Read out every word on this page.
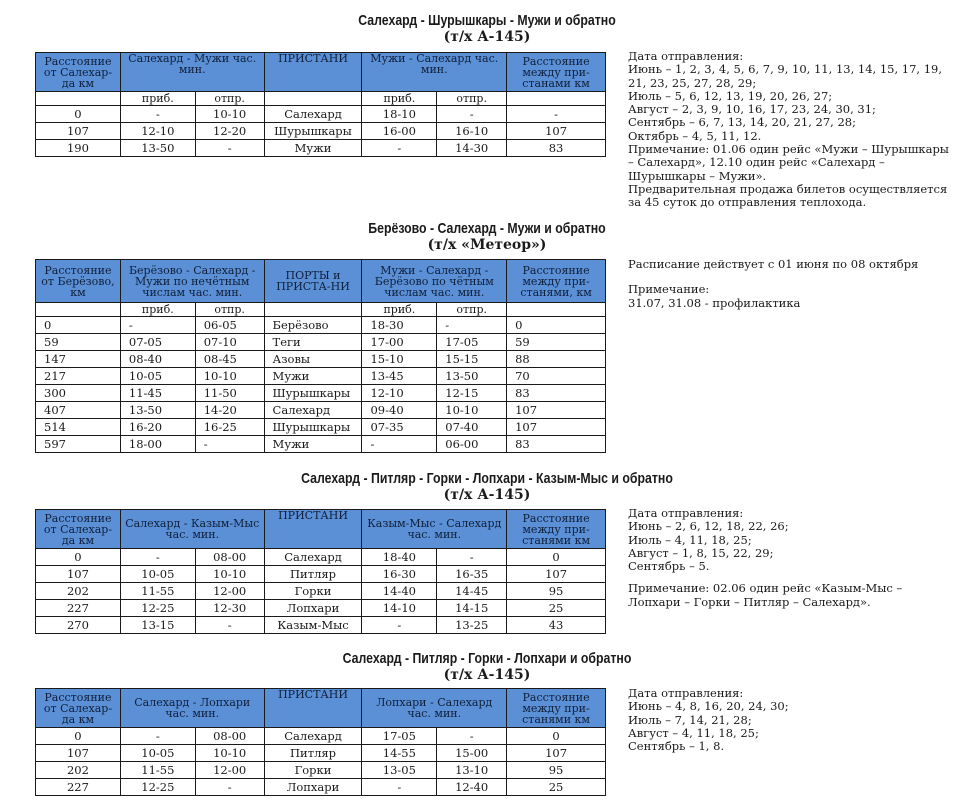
Салехард - Шурышкары - Мужи и обратно
(т/х А-145)
Расстояние от Салехар-да км	Салехард - Мужи час. мин.		ПРИСТАНИ	Мужи - Салехард час. мин.		Расстояние между при-станами км
	приб.	отпр.		приб.	отпр.	
0	-	10-10	Салехард	18-10	-	-
107	12-10	12-20	Шурышкары	16-00	16-10	107
190	13-50	-	Мужи	-	14-30	83

Дата отправления:

Июнь – 1, 2, 3, 4, 5, 6, 7, 9, 10, 11, 13, 14, 15, 17, 19, 21, 23, 25, 27, 28, 29;

Июль – 5, 6, 12, 13, 19, 20, 26, 27;

Август – 2, 3, 9, 10, 16, 17, 23, 24, 30, 31;

Сентябрь – 6, 7, 13, 14, 20, 21, 27, 28;

Октябрь – 4, 5, 11, 12.

Примечание: 01.06 один рейс «Мужи – Шурышкары – Салехард», 12.10 один рейс «Салехард – Шурышкары – Мужи».

Предварительная продажа билетов осуществляется за 45 суток до отправления теплохода.

Берёзово - Салехард - Мужи и обратно
(т/х «Метеор»)
Расстояние от Берёзово, км	Берёзово - Салехард - Мужи по нечётным числам час. мин.		ПОРТЫ и ПРИСТА-НИ	Мужи - Салехард - Берёзово по чётным числам час. мин.		Расстояние между при-станями, км
	приб.	отпр.		приб.	отпр.	
0	-	06-05	Берёзово	18-30	-	0
59	07-05	07-10	Теги	17-00	17-05	59
147	08-40	08-45	Азовы	15-10	15-15	88
217	10-05	10-10	Мужи	13-45	13-50	70
300	11-45	11-50	Шурышкары	12-10	12-15	83
407	13-50	14-20	Салехард	09-40	10-10	107
514	16-20	16-25	Шурышкары	07-35	07-40	107
597	18-00	-	Мужи	-	06-00	83

Расписание действует с 01 июня по 08 октября

Примечание:

31.07, 31.08 - профилактика

Салехард - Питляр - Горки - Лопхари - Казым-Мыс и обратно
(т/х А-145)
Расстояние от Салехар-да км	Салехард - Казым-Мыс час. мин.		ПРИСТАНИ	Казым-Мыс - Салехард час. мин.		Расстояние между при-станями км
0	-	08-00	Салехард	18-40	-	0
107	10-05	10-10	Питляр	16-30	16-35	107
202	11-55	12-00	Горки	14-40	14-45	95
227	12-25	12-30	Лопхари	14-10	14-15	25
270	13-15	-	Казым-Мыс	-	13-25	43

Дата отправления:

Июнь – 2, 6, 12, 18, 22, 26;

Июль – 4, 11, 18, 25;

Август – 1, 8, 15, 22, 29;

Сентябрь – 5.

Примечание: 02.06 один рейс «Казым-Мыс – Лопхари – Горки – Питляр – Салехард».

Салехард - Питляр - Горки - Лопхари и обратно
(т/х А-145)
Расстояние от Салехар-да км	Салехард - Лопхари час. мин.		ПРИСТАНИ	Лопхари - Салехард час. мин.		Расстояние между при-станями км
0	-	08-00	Салехард	17-05	-	0
107	10-05	10-10	Питляр	14-55	15-00	107
202	11-55	12-00	Горки	13-05	13-10	95
227	12-25	-	Лопхари	-	12-40	25

Дата отправления:

Июнь – 4, 8, 16, 20, 24, 30;

Июль – 7, 14, 21, 28;

Август – 4, 11, 18, 25;

Сентябрь – 1, 8.
